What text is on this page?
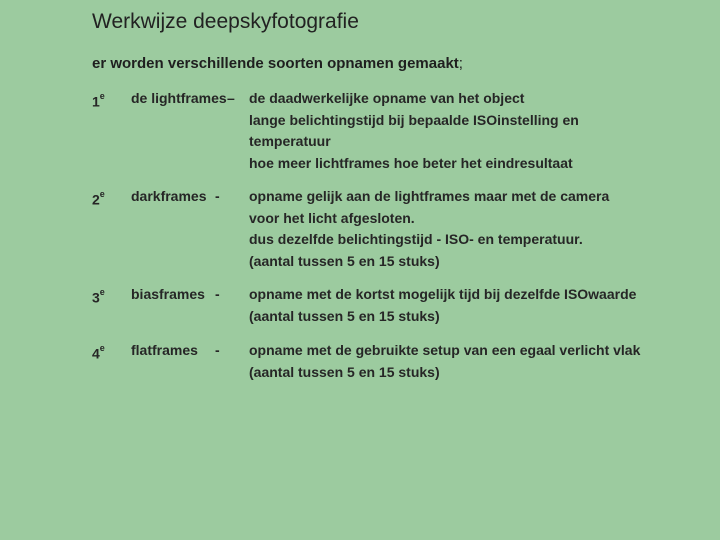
Werkwijze deepskyfotografie
er worden verschillende soorten opnamen gemaakt;
1e de lightframes – de daadwerkelijke opname van het object
lange belichtingstijd bij bepaalde ISOinstelling en
temperatuur
hoe meer lichtframes hoe beter het eindresultaat
2e darkframes - opname gelijk aan de lightframes maar met de camera
voor het licht afgesloten.
dus dezelfde belichtingstijd - ISO- en temperatuur.
(aantal tussen 5 en 15 stuks)
3e biasframes - opname met de kortst mogelijk tijd bij dezelfde ISOwaarde
(aantal tussen 5 en 15 stuks)
4e flatframes - opname met de gebruikte setup van een egaal verlicht vlak
(aantal tussen 5 en 15 stuks)
